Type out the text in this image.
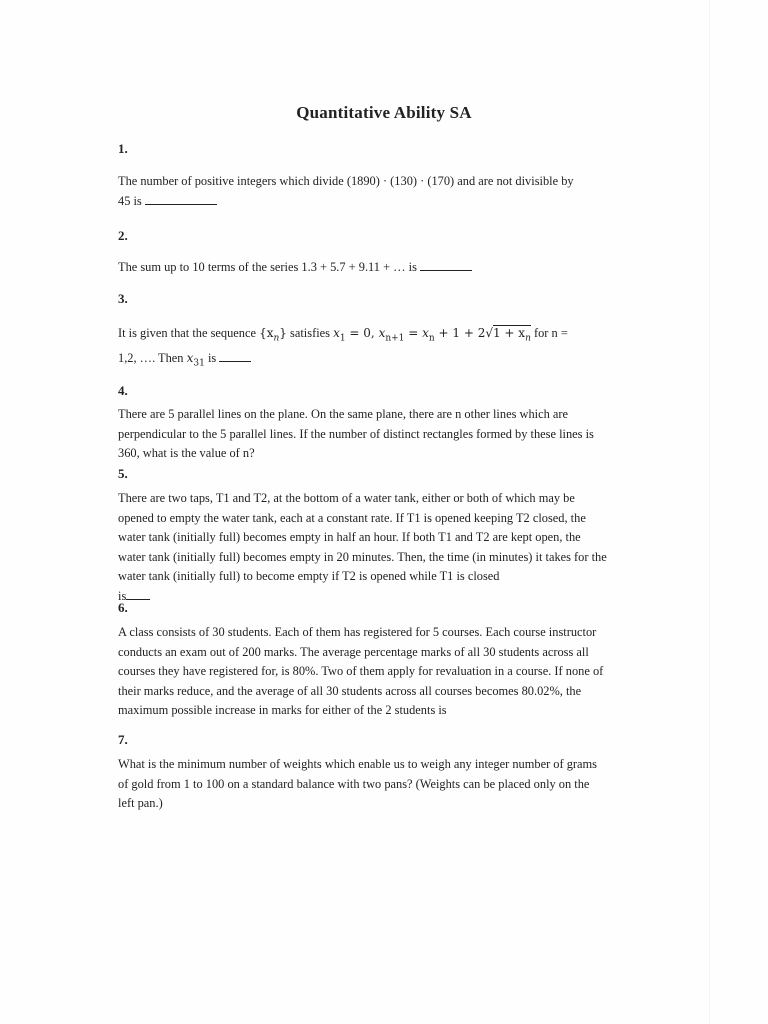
Quantitative Ability SA
1.
The number of positive integers which divide (1890) · (130) · (170) and are not divisible by
45 is
2.
The sum up to 10 terms of the series 1.3 + 5.7 + 9.11 + … is
3.
It is given that the sequence $\{x_n\}$ satisfies $x_1 = 0$, $x_{n+1} = x_n + 1 + 2√1 + x_n$ for n =
1,2, …. Then $x_{31}$ is
4.
There are 5 parallel lines on the plane. On the same plane, there are n other lines which are perpendicular to the 5 parallel lines. If the number of distinct rectangles formed by these lines is 360, what is the value of n?
5.
There are two taps, T1 and T2, at the bottom of a water tank, either or both of which may be opened to empty the water tank, each at a constant rate. If T1 is opened keeping T2 closed, the water tank (initially full) becomes empty in half an hour. If both T1 and T2 are kept open, the water tank (initially full) becomes empty in 20 minutes. Then, the time (in minutes) it takes for the water tank (initially full) to become empty if T2 is opened while T1 is closed
is
6.
A class consists of 30 students. Each of them has registered for 5 courses. Each course instructor conducts an exam out of 200 marks. The average percentage marks of all 30 students across all courses they have registered for, is 80%. Two of them apply for revaluation in a course. If none of their marks reduce, and the average of all 30 students across all courses becomes 80.02%, the maximum possible increase in marks for either of the 2 students is
7.
What is the minimum number of weights which enable us to weigh any integer number of grams of gold from 1 to 100 on a standard balance with two pans? (Weights can be placed only on the left pan.)
